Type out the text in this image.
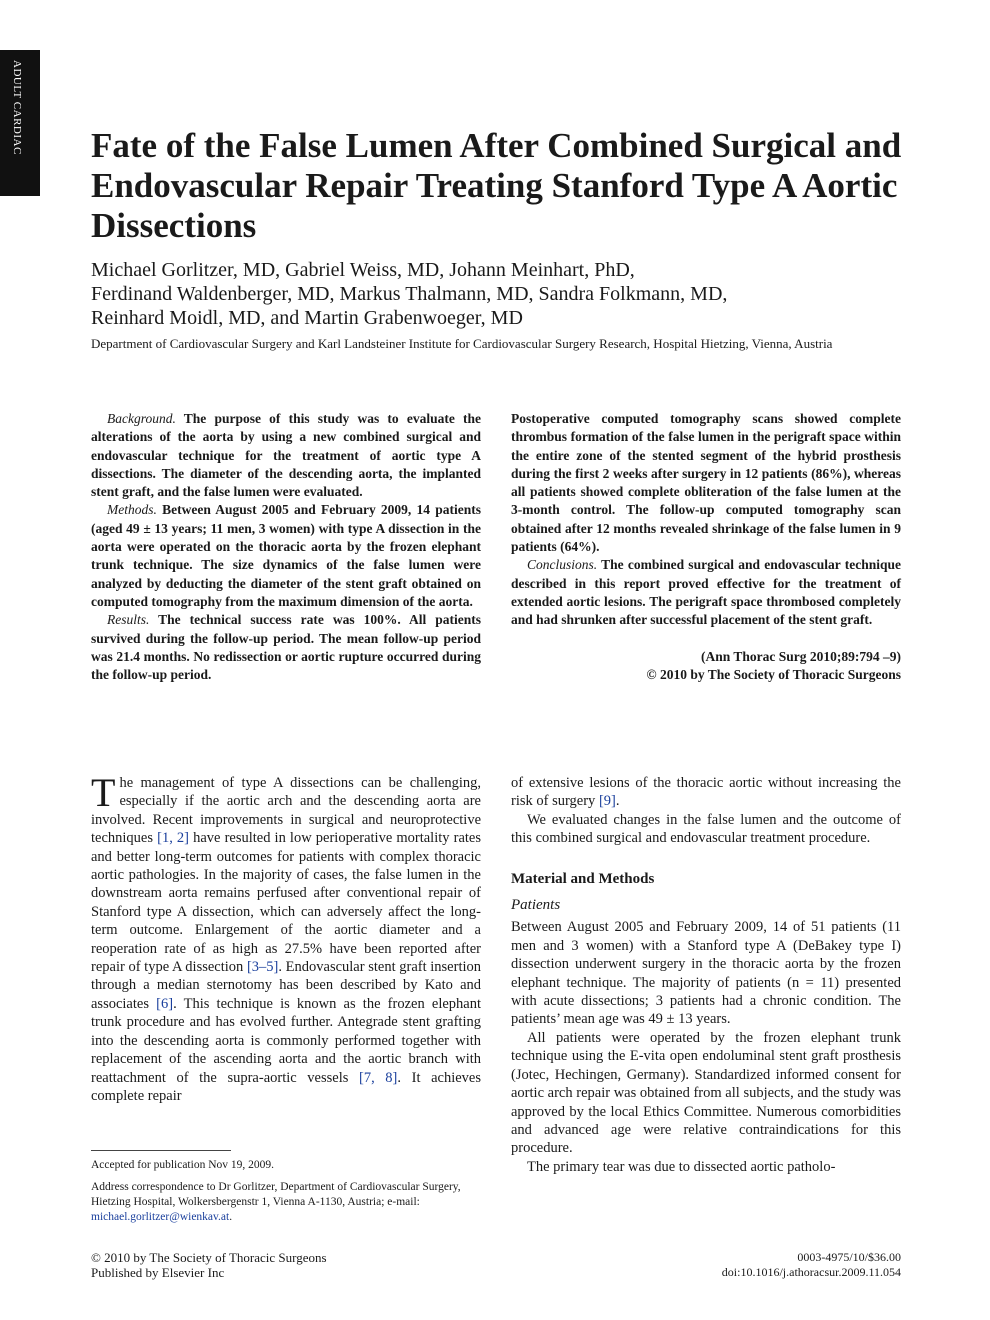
ADULT CARDIAC Fate of the False Lumen After Combined Surgical and Endovascular Repair Treating Stanford Type A Aortic Dissections
Michael Gorlitzer, MD, Gabriel Weiss, MD, Johann Meinhart, PhD,
Ferdinand Waldenberger, MD, Markus Thalmann, MD, Sandra Folkmann, MD,
Reinhard Moidl, MD, and Martin Grabenwoeger, MD

Department of Cardiovascular Surgery and Karl Landsteiner Institute for Cardiovascular Surgery Research, Hospital Hietzing, Vienna, Austria

Background. The purpose of this study was to evaluate the alterations of the aorta by using a new combined surgical and endovascular technique for the treatment of aortic type A dissections. The diameter of the descending aorta, the implanted stent graft, and the false lumen were evaluated.

Methods. Between August 2005 and February 2009, 14 patients (aged 49 ± 13 years; 11 men, 3 women) with type A dissection in the aorta were operated on the thoracic aorta by the frozen elephant trunk technique. The size dynamics of the false lumen were analyzed by deducting the diameter of the stent graft obtained on computed tomography from the maximum dimension of the aorta.

Results. The technical success rate was 100%. All patients survived during the follow-up period. The mean follow-up period was 21.4 months. No redissection or aortic rupture occurred during the follow-up period.

Postoperative computed tomography scans showed complete thrombus formation of the false lumen in the perigraft space within the entire zone of the stented segment of the hybrid prosthesis during the first 2 weeks after surgery in 12 patients (86%), whereas all patients showed complete obliteration of the false lumen at the 3-month control. The follow-up computed tomography scan obtained after 12 months revealed shrinkage of the false lumen in 9 patients (64%).

Conclusions. The combined surgical and endovascular technique described in this report proved effective for the treatment of extended aortic lesions. The perigraft space thrombosed completely and had shrunken after successful placement of the stent graft.

(Ann Thorac Surg 2010;89:794 –9)

© 2010 by The Society of Thoracic Surgeons

The management of type A dissections can be challenging, especially if the aortic arch and the descending aorta are involved. Recent improvements in surgical and neuroprotective techniques [1, 2] have resulted in low perioperative mortality rates and better long-term outcomes for patients with complex thoracic aortic pathologies. In the majority of cases, the false lumen in the downstream aorta remains perfused after conventional repair of Stanford type A dissection, which can adversely affect the long-term outcome. Enlargement of the aortic diameter and a reoperation rate of as high as 27.5% have been reported after repair of type A dissection [3–5]. Endovascular stent graft insertion through a median sternotomy has been described by Kato and associates [6]. This technique is known as the frozen elephant trunk procedure and has evolved further. Antegrade stent grafting into the descending aorta is commonly performed together with replacement of the ascending aorta and the aortic branch with reattachment of the supra-aortic vessels [7, 8]. It achieves complete repair

of extensive lesions of the thoracic aortic without increasing the risk of surgery [9].

We evaluated changes in the false lumen and the outcome of this combined surgical and endovascular treatment procedure.

Material and Methods
Patients

Between August 2005 and February 2009, 14 of 51 patients (11 men and 3 women) with a Stanford type A (DeBakey type I) dissection underwent surgery in the thoracic aorta by the frozen elephant technique. The majority of patients (n = 11) presented with acute dissections; 3 patients had a chronic condition. The patients’ mean age was 49 ± 13 years.

All patients were operated by the frozen elephant trunk technique using the E-vita open endoluminal stent graft prosthesis (Jotec, Hechingen, Germany). Standardized informed consent for aortic arch repair was obtained from all subjects, and the study was approved by the local Ethics Committee. Numerous comorbidities and advanced age were relative contraindications for this procedure.

The primary tear was due to dissected aortic patholo-

Accepted for publication Nov 19, 2009.
Address correspondence to Dr Gorlitzer, Department of Cardiovascular Surgery, Hietzing Hospital, Wolkersbergenstr 1, Vienna A-1130, Austria; e-mail: michael.gorlitzer@wienkav.at.
© 2010 by The Society of Thoracic Surgeons
Published by Elsevier Inc
0003-4975/10/$36.00
doi:10.1016/j.athoracsur.2009.11.054
